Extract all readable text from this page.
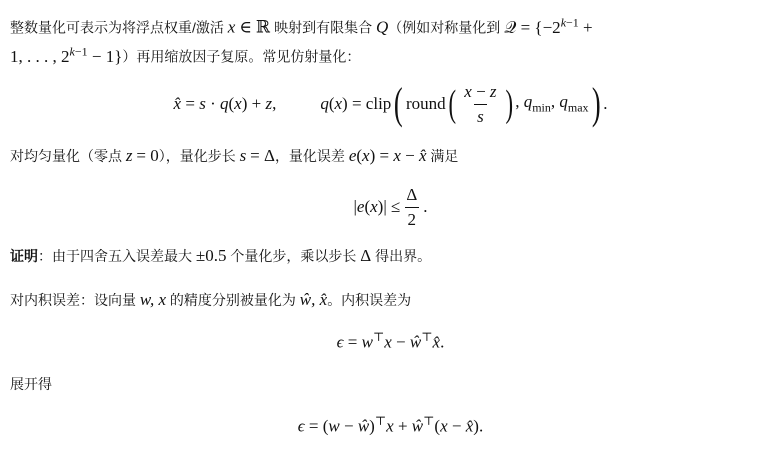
整数量化可表示为将浮点权重/激活 x ∈ ℝ 映射到有限集合 Q（例如对称量化到 𝒬 = {$-2^{k-1}$ +
1, . . . , $2^{k-1} - 1$}）再用缩放因子复原。常见仿射量化：
x̂ = s · q(x) + z,	q(x) = clip ( round ( $\frac{x - z}{s}$ ) , $q_{min}$, $q_{max}$ ) .
对均匀量化（零点 z = 0），量化步长 s = Δ，量化误差 e(x) = x − x̂ 满足
$|e(x)| \le \frac{\Delta}{2}$ .
证明：由于四舍五入误差最大 ±0.5 个量化步，乘以步长 Δ 得出界。
对内积误差：设向量 w, x 的精度分别被量化为 ŵ, x̂。内积误差为
ϵ = w⊤x − ŵ⊤x̂.
展开得
ϵ = (w − ŵ)⊤x + ŵ⊤(x − x̂).
